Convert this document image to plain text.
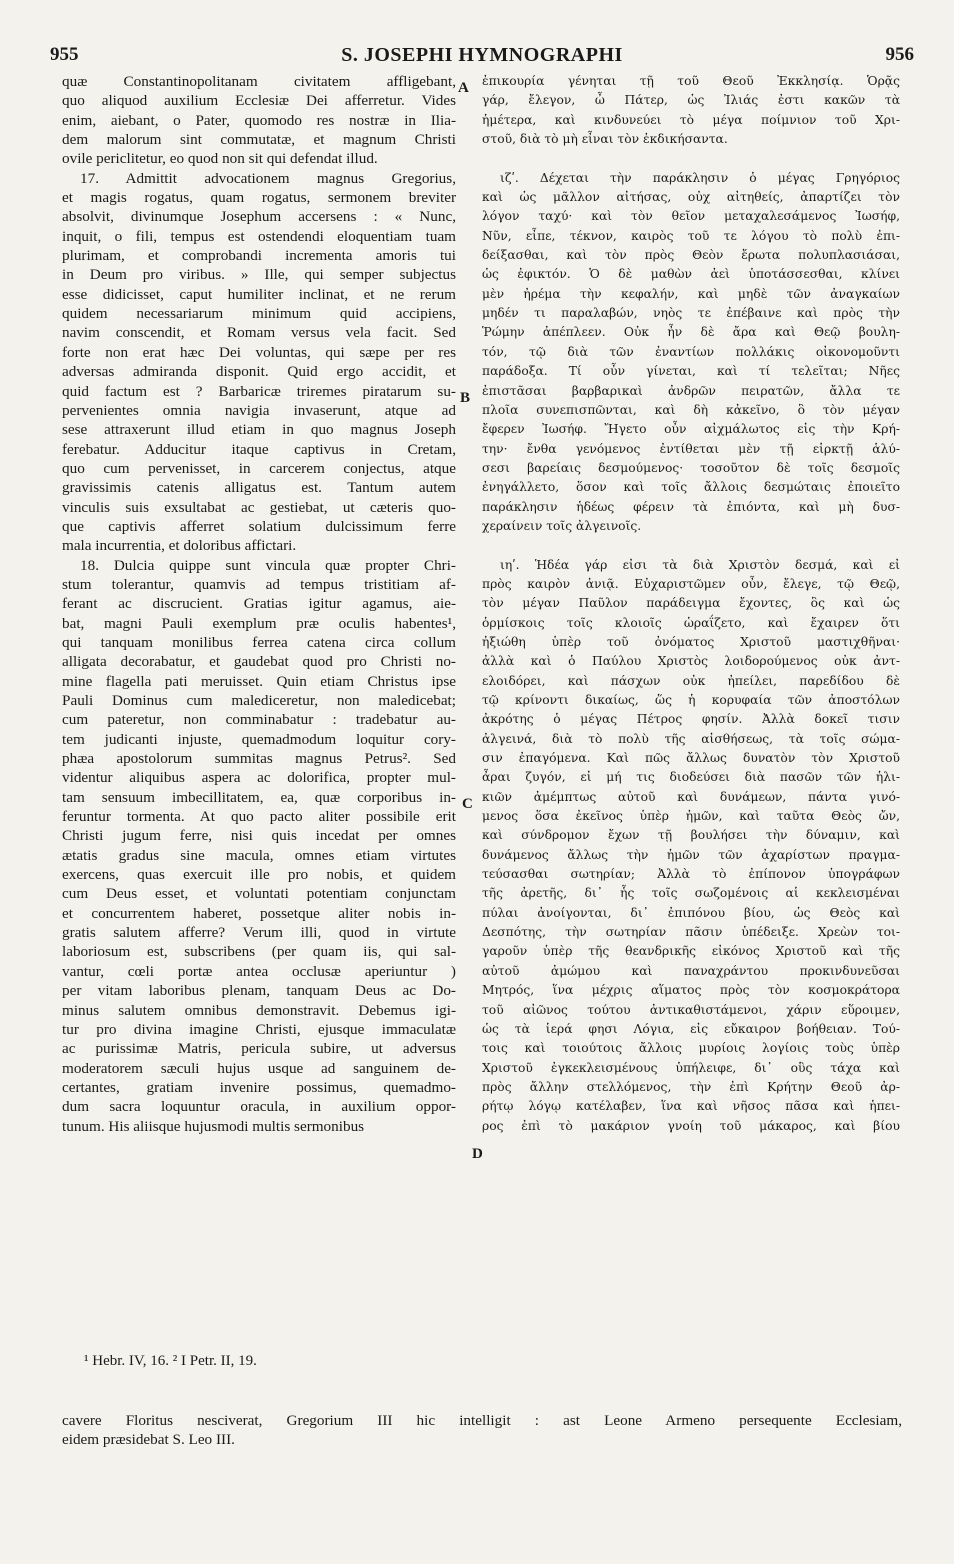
955	S. JOSEPHI HYMNOGRAPHI	956
quæ Constantinopolitanam civitatem affligebant,
quo aliquod auxilium Ecclesiæ Dei afferretur. Vides
enim, aiebant, o Pater, quomodo res nostræ in Ilia-
dem malorum sint commutatæ, et magnum Christi
ovile periclitetur, eo quod non sit qui defendat illud.
17. Admittit advocationem magnus Gregorius,
et magis rogatus, quam rogatus, sermonem breviter
absolvit, divinumque Josephum accersens : « Nunc,
inquit, o fili, tempus est ostendendi eloquentiam tuam
plurimam, et comprobandi incrementa amoris tui
in Deum pro viribus. » Ille, qui semper subjectus
esse didicisset, caput humiliter inclinat, et ne rerum
quidem necessariarum minimum quid accipiens,
navim conscendit, et Romam versus vela facit. Sed
forte non erat hæc Dei voluntas, qui sæpe per res
adversas admiranda disponit. Quid ergo accidit, et
quid factum est ? Barbaricæ triremes piratarum su-
pervenientes omnia navigia invaserunt, atque ad
sese attraxerunt illud etiam in quo magnus Joseph
ferebatur. Adducitur itaque captivus in Cretam,
quo cum pervenisset, in carcerem conjectus, atque
gravissimis catenis alligatus est. Tantum autem
vinculis suis exsultabat ac gestiebat, ut cæteris quo-
que captivis afferret solatium dulcissimum ferre
mala incurrentia, et doloribus affictari.
18. Dulcia quippe sunt vincula quæ propter Chri-
stum tolerantur, quamvis ad tempus tristitiam af-
ferant ac discrucient. Gratias igitur agamus, aie-
bat, magni Pauli exemplum præ oculis habentes¹,
qui tanquam monilibus ferrea catena circa collum
alligata decorabatur, et gaudebat quod pro Christi no-
mine flagella pati meruisset. Quin etiam Christus ipse
Pauli Dominus cum malediceretur, non maledicebat;
cum pateretur, non comminabatur : tradebatur au-
tem judicanti injuste, quemadmodum loquitur cory-
phæa apostolorum summitas magnus Petrus². Sed
videntur aliquibus aspera ac dolorifica, propter mul-
tam sensuum imbecillitatem, ea, quæ corporibus in-
feruntur tormenta. At quo pacto aliter possibile erit
Christi jugum ferre, nisi quis incedat per omnes
ætatis gradus sine macula, omnes etiam virtutes
exercens, quas exercuit ille pro nobis, et quidem
cum Deus esset, et voluntati potentiam conjunctam
et concurrentem haberet, possetque aliter nobis in-
gratis salutem afferre? Verum illi, quod in virtute
laboriosum est, subscribens (per quam iis, qui sal-
vantur, cœli portæ antea occlusæ aperiuntur )
per vitam laboribus plenam, tanquam Deus ac Do-
minus salutem omnibus demonstravit. Debemus igi-
tur pro divina imagine Christi, ejusque immaculatæ
ac purissimæ Matris, pericula subire, ut adversus
moderatorem sæculi hujus usque ad sanguinem de-
certantes, gratiam invenire possimus, quemadmo-
dum sacra loquuntur oracula, in auxilium oppor-
tunum. His aliisque hujusmodi multis sermonibus
ἐπικουρία γένηται τῇ τοῦ Θεοῦ Ἐκκλησίᾳ. Ὁρᾷς
γάρ, ἔλεγον, ὦ Πάτερ, ὡς Ἰλιάς ἐστι κακῶν τὰ
ἡμέτερα, καὶ κινδυνεύει τὸ μέγα ποίμνιον τοῦ Χρι-
στοῦ, διὰ τὸ μὴ εἶναι τὸν ἐκδικήσαντα.
ιζʹ. Δέχεται τὴν παράκλησιν ὁ μέγας Γρηγόριος
καὶ ὡς μᾶλλον αἰτήσας, οὐχ αἰτηθείς, ἀπαρτίζει τὸν
λόγον ταχύ· καὶ τὸν θεῖον μεταχαλεσάμενος Ἰωσήφ,
Νῦν, εἶπε, τέκνον, καιρὸς τοῦ τε λόγου τὸ πολὺ ἐπι-
δείξασθαι, καὶ τὸν πρὸς Θεὸν ἔρωτα πολυπλασιάσαι,
ὡς ἐφικτόν. Ὁ δὲ μαθὼν ἀεὶ ὑποτάσσεσθαι, κλίνει
μὲν ἠρέμα τὴν κεφαλήν, καὶ μηδὲ τῶν ἀναγκαίων
μηδέν τι παραλαβών, νηὸς τε ἐπέβαινε καὶ πρὸς τὴν
Ῥώμην ἀπέπλεεν. Οὐκ ἦν δὲ ἄρα καὶ Θεῷ βουλη-
τόν, τῷ διὰ τῶν ἐναντίων πολλάκις οἰκονομοῦντι
παράδοξα. Τί οὖν γίνεται, καὶ τί τελεῖται; Νῆες
ἐπιστᾶσαι βαρβαρικαὶ ἀνδρῶν πειρατῶν, ἄλλα τε
πλοῖα συνεπισπῶνται, καὶ δὴ κἀκεῖνο, ὃ τὸν μέγαν
ἔφερεν Ἰωσήφ. Ἤγετο οὖν αἰχμάλωτος εἰς τὴν Κρή-
την· ἔνθα γενόμενος ἐντίθεται μὲν τῇ εἱρκτῇ ἁλύ-
σεσι βαρείαις δεσμούμενος· τοσοῦτον δὲ τοῖς δεσμοῖς
ἐνηγάλλετο, ὅσον καὶ τοῖς ἄλλοις δεσμώταις ἐποιεῖτο
παράκλησιν ἡδέως φέρειν τὰ ἐπιόντα, καὶ μὴ δυσ-
χεραίνειν τοῖς ἀλγεινοῖς.
ιηʹ. Ἡδέα γάρ εἰσι τὰ διὰ Χριστὸν δεσμά, καὶ εἰ
πρὸς καιρὸν ἀνιᾷ. Εὐχαριστῶμεν οὖν, ἔλεγε, τῷ Θεῷ,
τὸν μέγαν Παῦλον παράδειγμα ἔχοντες, ὃς καὶ ὡς
ὁρμίσκοις τοῖς κλοιοῖς ὡραΐζετο, καὶ ἔχαιρεν ὅτι
ἠξιώθη ὑπὲρ τοῦ ὀνόματος Χριστοῦ μαστιχθῆναι·
ἀλλὰ καὶ ὁ Παύλου Χριστὸς λοιδορούμενος οὐκ ἀντ-
ελοιδόρει, καὶ πάσχων οὐκ ἠπείλει, παρεδίδου δὲ
τῷ κρίνοντι δικαίως, ὥς ἡ κορυφαία τῶν ἀποστόλων
ἀκρότης ὁ μέγας Πέτρος φησίν. Ἀλλὰ δοκεῖ τισιν
ἀλγεινά, διὰ τὸ πολὺ τῆς αἰσθήσεως, τὰ τοῖς σώμα-
σιν ἐπαγόμενα. Καὶ πῶς ἄλλως δυνατὸν τὸν Χριστοῦ
ἆραι ζυγόν, εἰ μή τις διοδεύσει διὰ πασῶν τῶν ἡλι-
κιῶν ἀμέμπτως αὐτοῦ καὶ δυνάμεων, πάντα γινό-
μενος ὅσα ἐκεῖνος ὑπὲρ ἡμῶν, καὶ ταῦτα Θεὸς ὤν,
καὶ σύνδρομον ἔχων τῇ βουλήσει τὴν δύναμιν, καὶ
δυνάμενος ἄλλως τὴν ἡμῶν τῶν ἀχαρίστων πραγμα-
τεύσασθαι σωτηρίαν; Ἀλλὰ τὸ ἐπίπονον ὑπογράφων
τῆς ἀρετῆς, δι᾽ ἧς τοῖς σωζομένοις αἱ κεκλεισμέναι
πύλαι ἀνοίγονται, δι᾽ ἐπιπόνου βίου, ὡς Θεὸς καὶ
Δεσπότης, τὴν σωτηρίαν πᾶσιν ὑπέδειξε. Χρεὼν τοι-
γαροῦν ὑπὲρ τῆς θεανδρικῆς εἰκόνος Χριστοῦ καὶ τῆς
αὐτοῦ ἀμώμου καὶ παναχράντου προκινδυνεῦσαι
Μητρός, ἵνα μέχρις αἵματος πρὸς τὸν κοσμοκράτορα
τοῦ αἰῶνος τούτου ἀντικαθιστάμενοι, χάριν εὕροιμεν,
ὡς τὰ ἱερά φησι Λόγια, εἰς εὔκαιρον βοήθειαν. Τού-
τοις καὶ τοιούτοις ἄλλοις μυρίοις λογίοις τοὺς ὑπὲρ
Χριστοῦ ἐγκεκλεισμένους ὑπήλειφε, δι᾽ οὓς τάχα καὶ
πρὸς ἄλλην στελλόμενος, τὴν ἐπὶ Κρήτην Θεοῦ ἀρ-
ρήτῳ λόγῳ κατέλαβεν, ἵνα καὶ νῆσος πᾶσα καὶ ἡπει-
ρος ἐπὶ τὸ μακάριον γνοίη τοῦ μάκαρος, καὶ βίου
A
B
C
D
¹ Hebr. IV, 16. ² I Petr. II, 19.
cavere Floritus nesciverat, Gregorium III hic intelligit : ast Leone Armeno persequente Ecclesiam,
eidem præsidebat S. Leo III.
